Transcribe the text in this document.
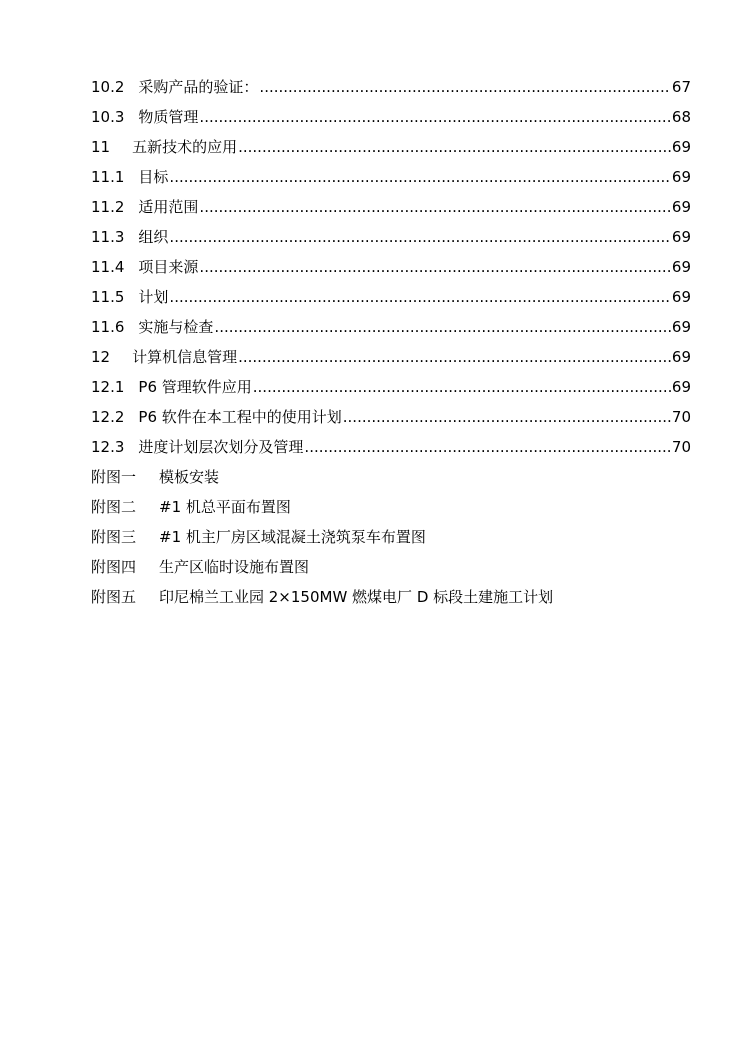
10.2 采购产品的验证： .....	67
10.3 物质管理 .....	68
11 五新技术的应用 .....	69
11.1 目标 .....	69
11.2 适用范围 .....	69
11.3 组织 .....	69
11.4 项目来源 .....	69
11.5 计划 .....	69
11.6 实施与检查 .....	69
12 计算机信息管理 .....	69
12.1 P6 管理软件应用 .....	69
12.2 P6 软件在本工程中的使用计划 .....	70
12.3 进度计划层次划分及管理 .....	70
附图一	模板安装
附图二	#1 机总平面布置图
附图三	#1 机主厂房区域混凝土浇筑泵车布置图
附图四	生产区临时设施布置图
附图五	印尼棉兰工业园 2×150MW 燃煤电厂 D 标段土建施工计划
